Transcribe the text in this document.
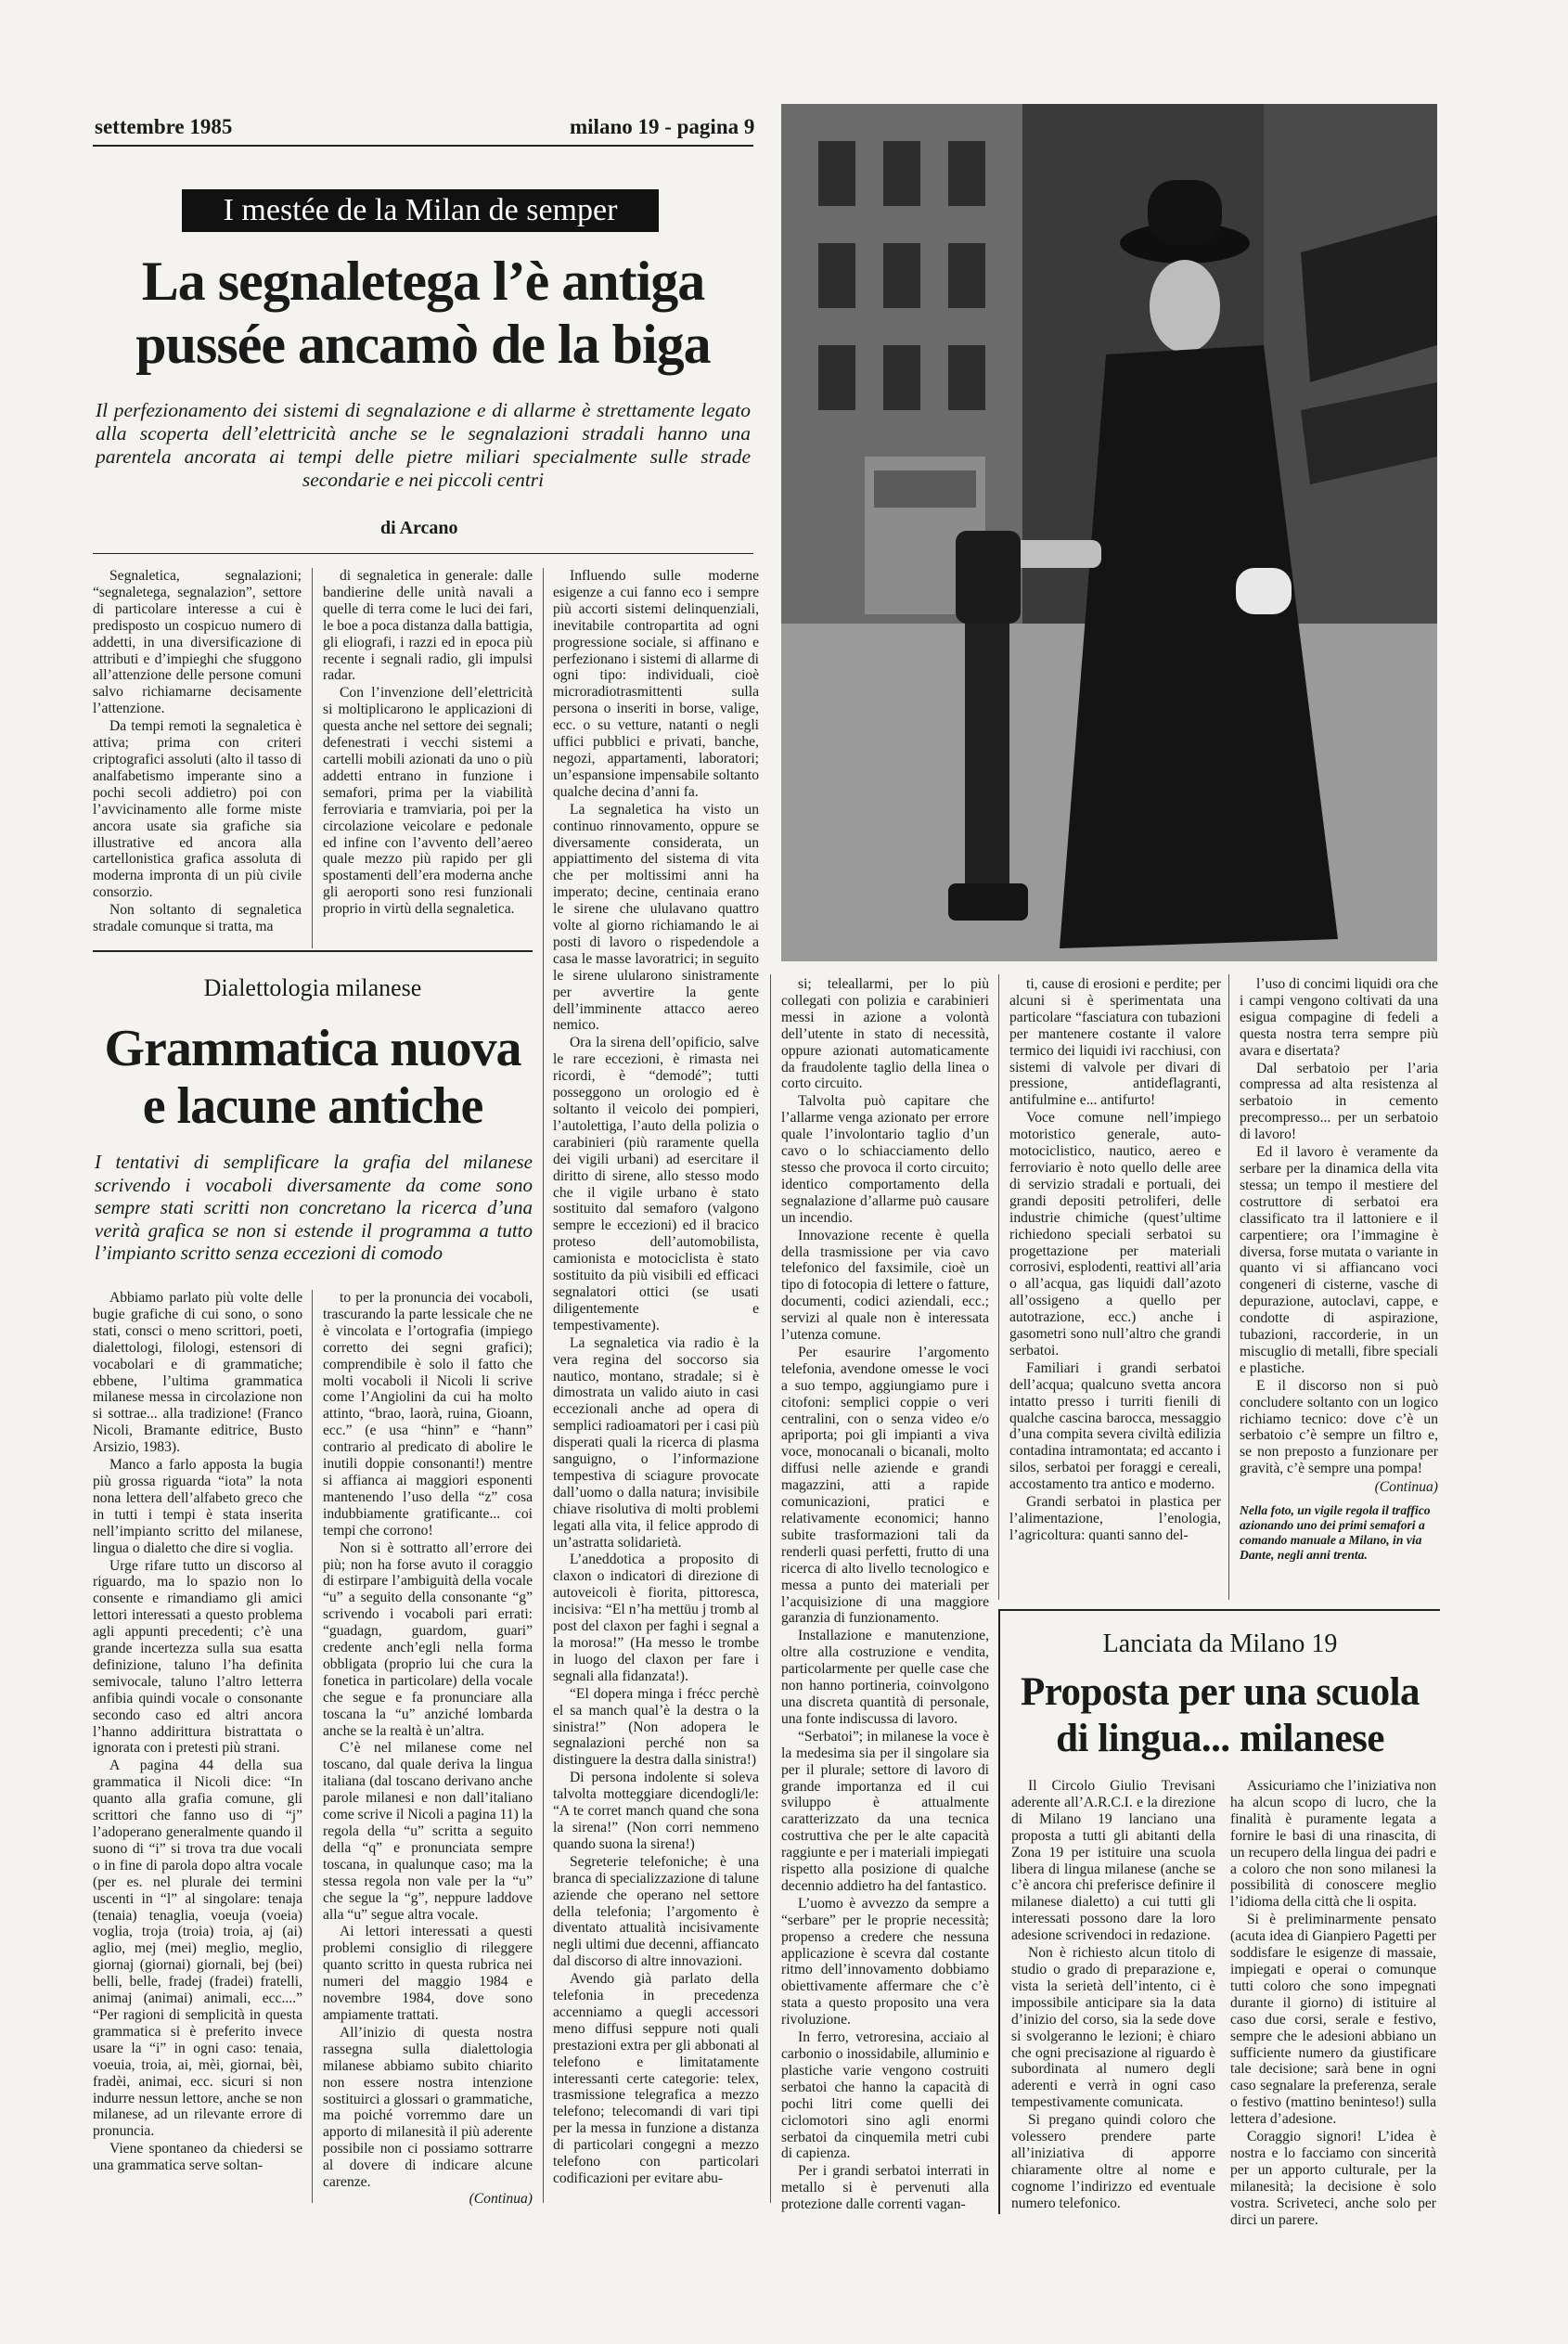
settembre 1985	milano 19 - pagina 9
I mestée de la Milan de semper
La segnaletega l’è antiga
pussée ancamò de la biga
Il perfezionamento dei sistemi di segnalazione e di allarme è strettamente legato alla scoperta dell’elettricità anche se le segnalazioni stradali hanno una parentela ancorata ai tempi delle pietre miliari specialmente sulle strade secondarie e nei piccoli centri
di Arcano
Nella foto, un vigile regola il traffico azionando uno dei primi semafori a comando manuale a Milano, in via Dante, negli anni trenta.

Segnaletica, segnalazioni; “segnaletega, segnalazion”, settore di particolare interesse a cui è predisposto un cospicuo numero di addetti, in una diversificazione di attributi e d’impieghi che sfuggono all’attenzione delle persone comuni salvo richiamarne decisamente l’attenzione.

Da tempi remoti la segnaletica è attiva; prima con criteri criptografici assoluti (alto il tasso di analfabetismo imperante sino a pochi secoli addietro) poi con l’avvicinamento alle forme miste ancora usate sia grafiche sia illustrative ed ancora alla cartellonistica grafica assoluta di moderna impronta di un più civile consorzio.

Non soltanto di segnaletica stradale comunque si tratta, ma

di segnaletica in generale: dalle bandierine delle unità navali a quelle di terra come le luci dei fari, le boe a poca distanza dalla battigia, gli eliografi, i razzi ed in epoca più recente i segnali radio, gli impulsi radar.

Con l’invenzione dell’elettricità si moltiplicarono le applicazioni di questa anche nel settore dei segnali; defenestrati i vecchi sistemi a cartelli mobili azionati da uno o più addetti entrano in funzione i semafori, prima per la viabilità ferroviaria e tramviaria, poi per la circolazione veicolare e pedonale ed infine con l’avvento dell’aereo quale mezzo più rapido per gli spostamenti dell’era moderna anche gli aeroporti sono resi funzionali proprio in virtù della segnaletica.

Influendo sulle moderne esigenze a cui fanno eco i sempre più accorti sistemi delinquenziali, inevitabile contropartita ad ogni progressione sociale, si affinano e perfezionano i sistemi di allarme di ogni tipo: individuali, cioè microradiotrasmittenti sulla persona o inseriti in borse, valige, ecc. o su vetture, natanti o negli uffici pubblici e privati, banche, negozi, appartamenti, laboratori; un’espansione impensabile soltanto qualche decina d’anni fa.

La segnaletica ha visto un continuo rinnovamento, oppure se diversamente considerata, un appiattimento del sistema di vita che per moltissimi anni ha imperato; decine, centinaia erano le sirene che ululavano quattro volte al giorno richiamando le ai posti di lavoro o rispedendole a casa le masse lavoratrici; in seguito le sirene ulularono sinistramente per avvertire la gente dell’imminente attacco aereo nemico.

Ora la sirena dell’opificio, salve le rare eccezioni, è rimasta nei ricordi, è “demodé”; tutti posseggono un orologio ed è soltanto il veicolo dei pompieri, l’autolettiga, l’auto della polizia o carabinieri (più raramente quella dei vigili urbani) ad esercitare il diritto di sirene, allo stesso modo che il vigile urbano è stato sostituito dal semaforo (valgono sempre le eccezioni) ed il bracico proteso dell’automobilista, camionista e motociclista è stato sostituito da più visibili ed efficaci segnalatori ottici (se usati diligentemente e tempestivamente).

La segnaletica via radio è la vera regina del soccorso sia nautico, montano, stradale; si è dimostrata un valido aiuto in casi eccezionali anche ad opera di semplici radioamatori per i casi più disperati quali la ricerca di plasma sanguigno, o l’informazione tempestiva di sciagure provocate dall’uomo o dalla natura; invisibile chiave risolutiva di molti problemi legati alla vita, il felice approdo di un’astratta solidarietà.

L’aneddotica a proposito di claxon o indicatori di direzione di autoveicoli è fiorita, pittoresca, incisiva: “El n’ha mettüu j tromb al post del claxon per faghi i segnal a la morosa!” (Ha messo le trombe in luogo del claxon per fare i segnali alla fidanzata!).

“El dopera minga i frécc perchè el sa manch qual’è la destra o la sinistra!” (Non adopera le segnalazioni perché non sa distinguere la destra dalla sinistra!)

Di persona indolente si soleva talvolta motteggiare dicendogli/le: “A te corret manch quand che sona la sirena!” (Non corri nemmeno quando suona la sirena!)

Segreterie telefoniche; è una branca di specializzazione di talune aziende che operano nel settore della telefonia; l’argomento è diventato attualità incisivamente negli ultimi due decenni, affiancato dal discorso di altre innovazioni.

Avendo già parlato della telefonia in precedenza accenniamo a quegli accessori meno diffusi seppure noti quali prestazioni extra per gli abbonati al telefono e limitatamente interessanti certe categorie: telex, trasmissione telegrafica a mezzo telefono; telecomandi di vari tipi per la messa in funzione a distanza di particolari congegni a mezzo telefono con particolari codificazioni per evitare abu-

si; teleallarmi, per lo più collegati con polizia e carabinieri messi in azione a volontà dell’utente in stato di necessità, oppure azionati automaticamente da fraudolente taglio della linea o corto circuito.

Talvolta può capitare che l’allarme venga azionato per errore quale l’involontario taglio d’un cavo o lo schiacciamento dello stesso che provoca il corto circuito; identico comportamento della segnalazione d’allarme può causare un incendio.

Innovazione recente è quella della trasmissione per via cavo telefonico del faxsimile, cioè un tipo di fotocopia di lettere o fatture, documenti, codici aziendali, ecc.; servizi al quale non è interessata l’utenza comune.

Per esaurire l’argomento telefonia, avendone omesse le voci a suo tempo, aggiungiamo pure i citofoni: semplici coppie o veri centralini, con o senza video e/o apriporta; poi gli impianti a viva voce, monocanali o bicanali, molto diffusi nelle aziende e grandi magazzini, atti a rapide comunicazioni, pratici e relativamente economici; hanno subite trasformazioni tali da renderli quasi perfetti, frutto di una ricerca di alto livello tecnologico e messa a punto dei materiali per l’acquisizione di una maggiore garanzia di funzionamento.

Installazione e manutenzione, oltre alla costruzione e vendita, particolarmente per quelle case che non hanno portineria, coinvolgono una discreta quantità di personale, una fonte indiscussa di lavoro.

“Serbatoi”; in milanese la voce è la medesima sia per il singolare sia per il plurale; settore di lavoro di grande importanza ed il cui sviluppo è attualmente caratterizzato da una tecnica costruttiva che per le alte capacità raggiunte e per i materiali impiegati rispetto alla posizione di qualche decennio addietro ha del fantastico.

L’uomo è avvezzo da sempre a “serbare” per le proprie necessità; propenso a credere che nessuna applicazione è scevra dal costante ritmo dell’innovamento dobbiamo obiettivamente affermare che c’è stata a questo proposito una vera rivoluzione.

In ferro, vetroresina, acciaio al carbonio o inossidabile, alluminio e plastiche varie vengono costruiti serbatoi che hanno la capacità di pochi litri come quelli dei ciclomotori sino agli enormi serbatoi da cinquemila metri cubi di capienza.

Per i grandi serbatoi interrati in metallo si è pervenuti alla protezione dalle correnti vagan-

ti, cause di erosioni e perdite; per alcuni si è sperimentata una particolare “fasciatura con tubazioni per mantenere costante il valore termico dei liquidi ivi racchiusi, con sistemi di valvole per divari di pressione, antideflagranti, antifulmine e... antifurto!

Voce comune nell’impiego motoristico generale, auto-motociclistico, nautico, aereo e ferroviario è noto quello delle aree di servizio stradali e portuali, dei grandi depositi petroliferi, delle industrie chimiche (quest’ultime richiedono speciali serbatoi su progettazione per materiali corrosivi, esplodenti, reattivi all’aria o all’acqua, gas liquidi dall’azoto all’ossigeno a quello per autotrazione, ecc.) anche i gasometri sono null’altro che grandi serbatoi.

Familiari i grandi serbatoi dell’acqua; qualcuno svetta ancora intatto presso i turriti fienili di qualche cascina barocca, messaggio d’una compita severa civiltà edilizia contadina intramontata; ed accanto i silos, serbatoi per foraggi e cereali, accostamento tra antico e moderno.

Grandi serbatoi in plastica per l’alimentazione, l’enologia, l’agricoltura: quanti sanno del-

l’uso di concimi liquidi ora che i campi vengono coltivati da una esigua compagine di fedeli a questa nostra terra sempre più avara e disertata?

Dal serbatoio per l’aria compressa ad alta resistenza al serbatoio in cemento precompresso... per un serbatoio di lavoro!

Ed il lavoro è veramente da serbare per la dinamica della vita stessa; un tempo il mestiere del costruttore di serbatoi era classificato tra il lattoniere e il carpentiere; ora l’immagine è diversa, forse mutata o variante in quanto vi si affiancano voci congeneri di cisterne, vasche di depurazione, autoclavi, cappe, e condotte di aspirazione, tubazioni, raccorderie, in un miscuglio di metalli, fibre speciali e plastiche.

E il discorso non si può concludere soltanto con un logico richiamo tecnico: dove c’è un serbatoio c’è sempre un filtro e, se non preposto a funzionare per gravità, c’è sempre una pompa!

(Continua)
Dialettologia milanese
Grammatica nuova
e lacune antiche
I tentativi di semplificare la grafia del milanese scrivendo i vocaboli diversamente da come sono sempre stati scritti non concretano la ricerca d’una verità grafica se non si estende il programma a tutto l’impianto scritto senza eccezioni di comodo

Abbiamo parlato più volte delle bugie grafiche di cui sono, o sono stati, consci o meno scrittori, poeti, dialettologi, filologi, estensori di vocabolari e di grammatiche; ebbene, l’ultima grammatica milanese messa in circolazione non si sottrae... alla tradizione! (Franco Nicoli, Bramante editrice, Busto Arsizio, 1983).

Manco a farlo apposta la bugia più grossa riguarda “iota” la nota nona lettera dell’alfabeto greco che in tutti i tempi è stata inserita nell’impianto scritto del milanese, lingua o dialetto che dire si voglia.

Urge rifare tutto un discorso al riguardo, ma lo spazio non lo consente e rimandiamo gli amici lettori interessati a questo problema agli appunti precedenti; c’è una grande incertezza sulla sua esatta definizione, taluno l’ha definita semivocale, taluno l’altro letterra anfibia quindi vocale o consonante secondo caso ed altri ancora l’hanno addirittura bistrattata o ignorata con i pretesti più strani.

A pagina 44 della sua grammatica il Nicoli dice: “In quanto alla grafia comune, gli scrittori che fanno uso di “j” l’adoperano generalmente quando il suono di “i” si trova tra due vocali o in fine di parola dopo altra vocale (per es. nel plurale dei termini uscenti in “l” al singolare: tenaja (tenaia) tenaglia, voeuja (voeia) voglia, troja (troia) troia, aj (ai) aglio, mej (mei) meglio, meglio, giornaj (giornai) giornali, bej (bei) belli, belle, fradej (fradei) fratelli, animaj (animai) animali, ecc....” “Per ragioni di semplicità in questa grammatica si è preferito invece usare la “i” in ogni caso: tenaia, voeuia, troia, ai, mèi, giornai, bèi, fradèi, animai, ecc. sicuri si non indurre nessun lettore, anche se non milanese, ad un rilevante errore di pronuncia.

Viene spontaneo da chiedersi se una grammatica serve soltan-

to per la pronuncia dei vocaboli, trascurando la parte lessicale che ne è vincolata e l’ortografia (impiego corretto dei segni grafici); comprendibile è solo il fatto che molti vocaboli il Nicoli li scrive come l’Angiolini da cui ha molto attinto, “brao, laorà, ruina, Gioann, ecc.” (e usa “hinn” e “hann” contrario al predicato di abolire le inutili doppie consonanti!) mentre si affianca ai maggiori esponenti mantenendo l’uso della “z” cosa indubbiamente gratificante... coi tempi che corrono!

Non si è sottratto all’errore dei più; non ha forse avuto il coraggio di estirpare l’ambiguità della vocale “u” a seguito della consonante “g” scrivendo i vocaboli pari errati: “guadagn, guardom, guari” credente anch’egli nella forma obbligata (proprio lui che cura la fonetica in particolare) della vocale che segue e fa pronunciare alla toscana la “u” anziché lombarda anche se la realtà è un’altra.

C’è nel milanese come nel toscano, dal quale deriva la lingua italiana (dal toscano derivano anche parole milanesi e non dall’italiano come scrive il Nicoli a pagina 11) la regola della “u” scritta a seguito della “q” e pronunciata sempre toscana, in qualunque caso; ma la stessa regola non vale per la “u” che segue la “g”, neppure laddove alla “u” segue altra vocale.

Ai lettori interessati a questi problemi consiglio di rileggere quanto scritto in questa rubrica nei numeri del maggio 1984 e novembre 1984, dove sono ampiamente trattati.

All’inizio di questa nostra rassegna sulla dialettologia milanese abbiamo subito chiarito non essere nostra intenzione sostituirci a glossari o grammatiche, ma poiché vorremmo dare un apporto di milanesità il più aderente possibile non ci possiamo sottrarre al dovere di indicare alcune carenze.

(Continua)
Lanciata da Milano 19
Proposta per una scuola
di lingua... milanese

Il Circolo Giulio Trevisani aderente all’A.R.C.I. e la direzione di Milano 19 lanciano una proposta a tutti gli abitanti della Zona 19 per istituire una scuola libera di lingua milanese (anche se c’è ancora chi preferisce definire il milanese dialetto) a cui tutti gli interessati possono dare la loro adesione scrivendoci in redazione.

Non è richiesto alcun titolo di studio o grado di preparazione e, vista la serietà dell’intento, ci è impossibile anticipare sia la data d’inizio del corso, sia la sede dove si svolgeranno le lezioni; è chiaro che ogni precisazione al riguardo è subordinata al numero degli aderenti e verrà in ogni caso tempestivamente comunicata.

Si pregano quindi coloro che volessero prendere parte all’iniziativa di apporre chiaramente oltre al nome e cognome l’indirizzo ed eventuale numero telefonico.

Assicuriamo che l’iniziativa non ha alcun scopo di lucro, che la finalità è puramente legata a fornire le basi di una rinascita, di un recupero della lingua dei padri e a coloro che non sono milanesi la possibilità di conoscere meglio l’idioma della città che li ospita.

Si è preliminarmente pensato (acuta idea di Gianpiero Pagetti per soddisfare le esigenze di massaie, impiegati e operai o comunque tutti coloro che sono impegnati durante il giorno) di istituire al caso due corsi, serale e festivo, sempre che le adesioni abbiano un sufficiente numero da giustificare tale decisione; sarà bene in ogni caso segnalare la preferenza, serale o festivo (mattino beninteso!) sulla lettera d’adesione.

Coraggio signori! L’idea è nostra e lo facciamo con sincerità per un apporto culturale, per la milanesità; la decisione è solo vostra. Scriveteci, anche solo per dirci un parere.
